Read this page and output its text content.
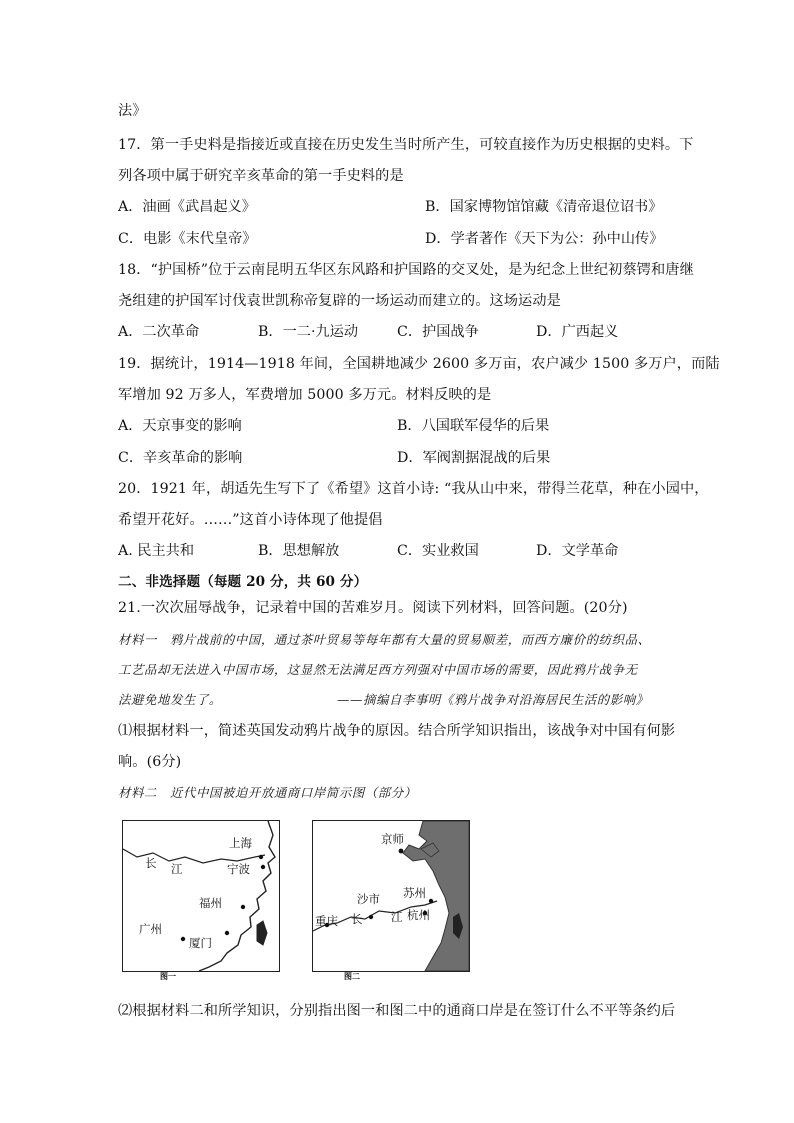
法》
17．第一手史料是指接近或直接在历史发生当时所产生，可较直接作为历史根据的史料。下
列各项中属于研究辛亥革命的第一手史料的是
A．油画《武昌起义》	B．国家博物馆馆藏《清帝退位诏书》
C．电影《末代皇帝》	D．学者著作《天下为公：孙中山传》
18．“护国桥”位于云南昆明五华区东风路和护国路的交叉处，是为纪念上世纪初蔡锷和唐继
尧组建的护国军讨伐袁世凯称帝复辟的一场运动而建立的。这场运动是
A．二次革命	B．一二·九运动	C．护国战争	D．广西起义
19．据统计，1914—1918 年间，全国耕地减少 2600 多万亩，农户减少 1500 多万户，而陆
军增加 92 万多人，军费增加 5000 多万元。材料反映的是
A．天京事变的影响	B．八国联军侵华的后果
C．辛亥革命的影响	D．军阀割据混战的后果
20．1921 年，胡适先生写下了《希望》这首小诗: “我从山中来，带得兰花草，种在小园中，
希望开花好。……”这首小诗体现了他提倡
A. 民主共和	B．思想解放	C．实业救国	D．文学革命
二、非选择题（每题 20 分，共 60 分）
21.一次次屈辱战争，记录着中国的苦难岁月。阅读下列材料，回答问题。(20分)
材料一　鸦片战前的中国，通过茶叶贸易等每年都有大量的贸易顺差，而西方廉价的纺织品、
工艺品却无法进入中国市场，这显然无法满足西方列强对中国市场的需要，因此鸦片战争无
法避免地发生了。	——摘编自李事明《鸦片战争对沿海居民生活的影响》
⑴根据材料一，简述英国发动鸦片战争的原因。结合所学知识指出，该战争对中国有何影
响。(6分)
材料二　近代中国被迫开放通商口岸简示图（部分）
上海
长 江	宁波
福州
广州
厦门
图一
京师
沙市 苏州
重庆 长 江 杭州
图二
⑵根据材料二和所学知识，分别指出图一和图二中的通商口岸是在签订什么不平等条约后
